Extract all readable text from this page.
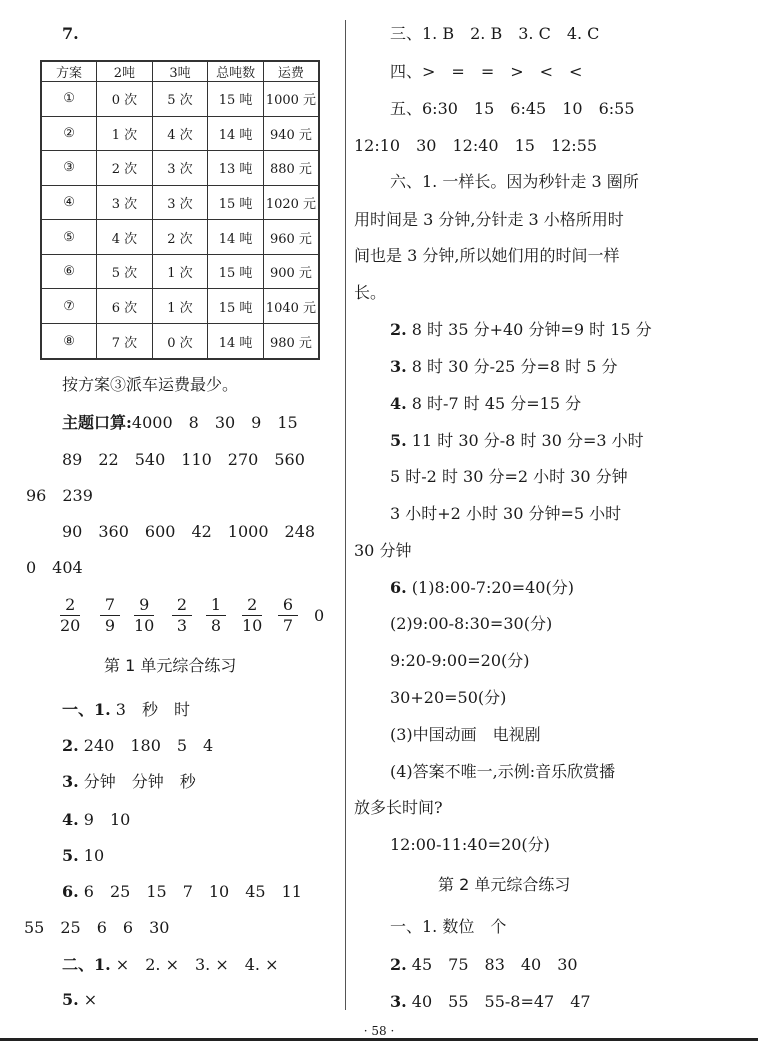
7.
方案	2吨	3吨	总吨数	运费
①	0 次	5 次	15 吨	1000 元
②	1 次	4 次	14 吨	940 元
③	2 次	3 次	13 吨	880 元
④	3 次	3 次	15 吨	1020 元
⑤	4 次	2 次	14 吨	960 元
⑥	5 次	1 次	15 吨	900 元
⑦	6 次	1 次	15 吨	1040 元
⑧	7 次	0 次	14 吨	980 元
按方案③派车运费最少。
主题口算:4000　8　30　9　15
89　22　540　110　270　560
96　239
90　360　600　42　1000　248
0　404
2
20
7
9
9
10
2
3
1
8
2
10
6
7
0
第 1 单元综合练习
一、1. 3　秒　时
2. 240　180　5　4
3. 分钟　分钟　秒
4. 9　10
5. 10
6. 6　25　15　7　10　45　11
55　25　6　6　30
二、1. ×　2. ×　3. ×　4. ×
5. ×
三、1. B　2. B　3. C　4. C
四、>　=　=　>　<　<
五、6:30　15　6:45　10　6:55
12:10　30　12:40　15　12:55
六、1. 一样长。因为秒针走 3 圈所
用时间是 3 分钟,分针走 3 小格所用时
间也是 3 分钟,所以她们用的时间一样
长。
2. 8 时 35 分+40 分钟=9 时 15 分
3. 8 时 30 分-25 分=8 时 5 分
4. 8 时-7 时 45 分=15 分
5. 11 时 30 分-8 时 30 分=3 小时
5 时-2 时 30 分=2 小时 30 分钟
3 小时+2 小时 30 分钟=5 小时
30 分钟
6. (1)8:00-7:20=40(分)
(2)9:00-8:30=30(分)
9:20-9:00=20(分)
30+20=50(分)
(3)中国动画　电视剧
(4)答案不唯一,示例:音乐欣赏播
放多长时间?
12:00-11:40=20(分)
第 2 单元综合练习
一、1. 数位　个
2. 45　75　83　40　30
3. 40　55　55-8=47　47
· 58 ·
